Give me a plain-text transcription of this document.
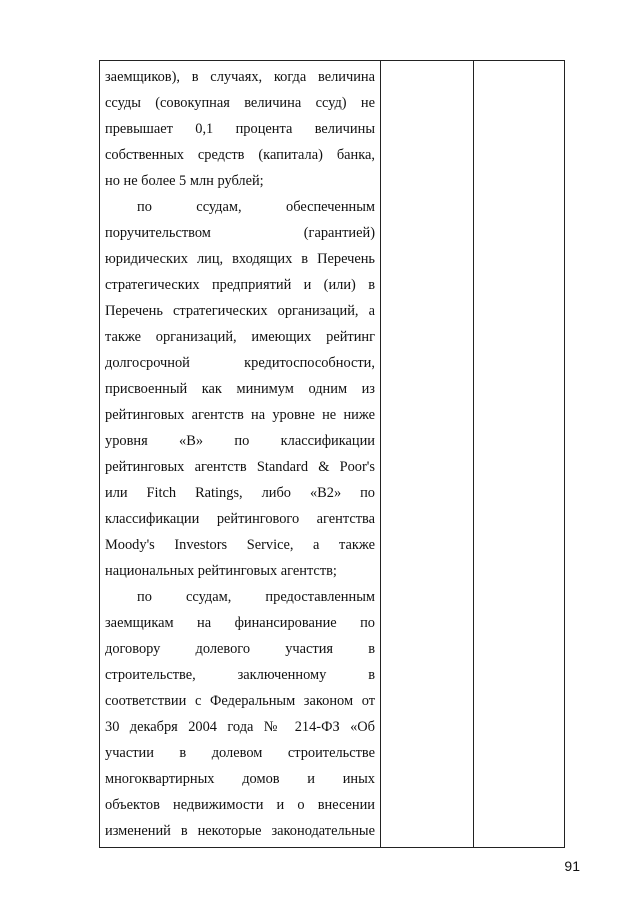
заемщиков), в случаях, когда величина
ссуды (совокупная величина ссуд) не
превышает 0,1 процента величины
собственных средств (капитала) банка,
но не более 5 млн рублей;
по ссудам, обеспеченным
поручительством (гарантией)
юридических лиц, входящих в Перечень
стратегических предприятий и (или) в
Перечень стратегических организаций, а
также организаций, имеющих рейтинг
долгосрочной кредитоспособности,
присвоенный как минимум одним из
рейтинговых агентств на уровне не ниже
уровня «В» по классификации
рейтинговых агентств Standard & Poor's
или Fitch Ratings, либо «В2» по
классификации рейтингового агентства
Moody's Investors Service, а также
национальных рейтинговых агентств;
по ссудам, предоставленным
заемщикам на финансирование по
договору долевого участия в
строительстве, заключенному в
соответствии с Федеральным законом от
30 декабря 2004 года № 214-ФЗ «Об
участии в долевом строительстве
многоквартирных домов и иных
объектов недвижимости и о внесении
изменений в некоторые законодательные
91
